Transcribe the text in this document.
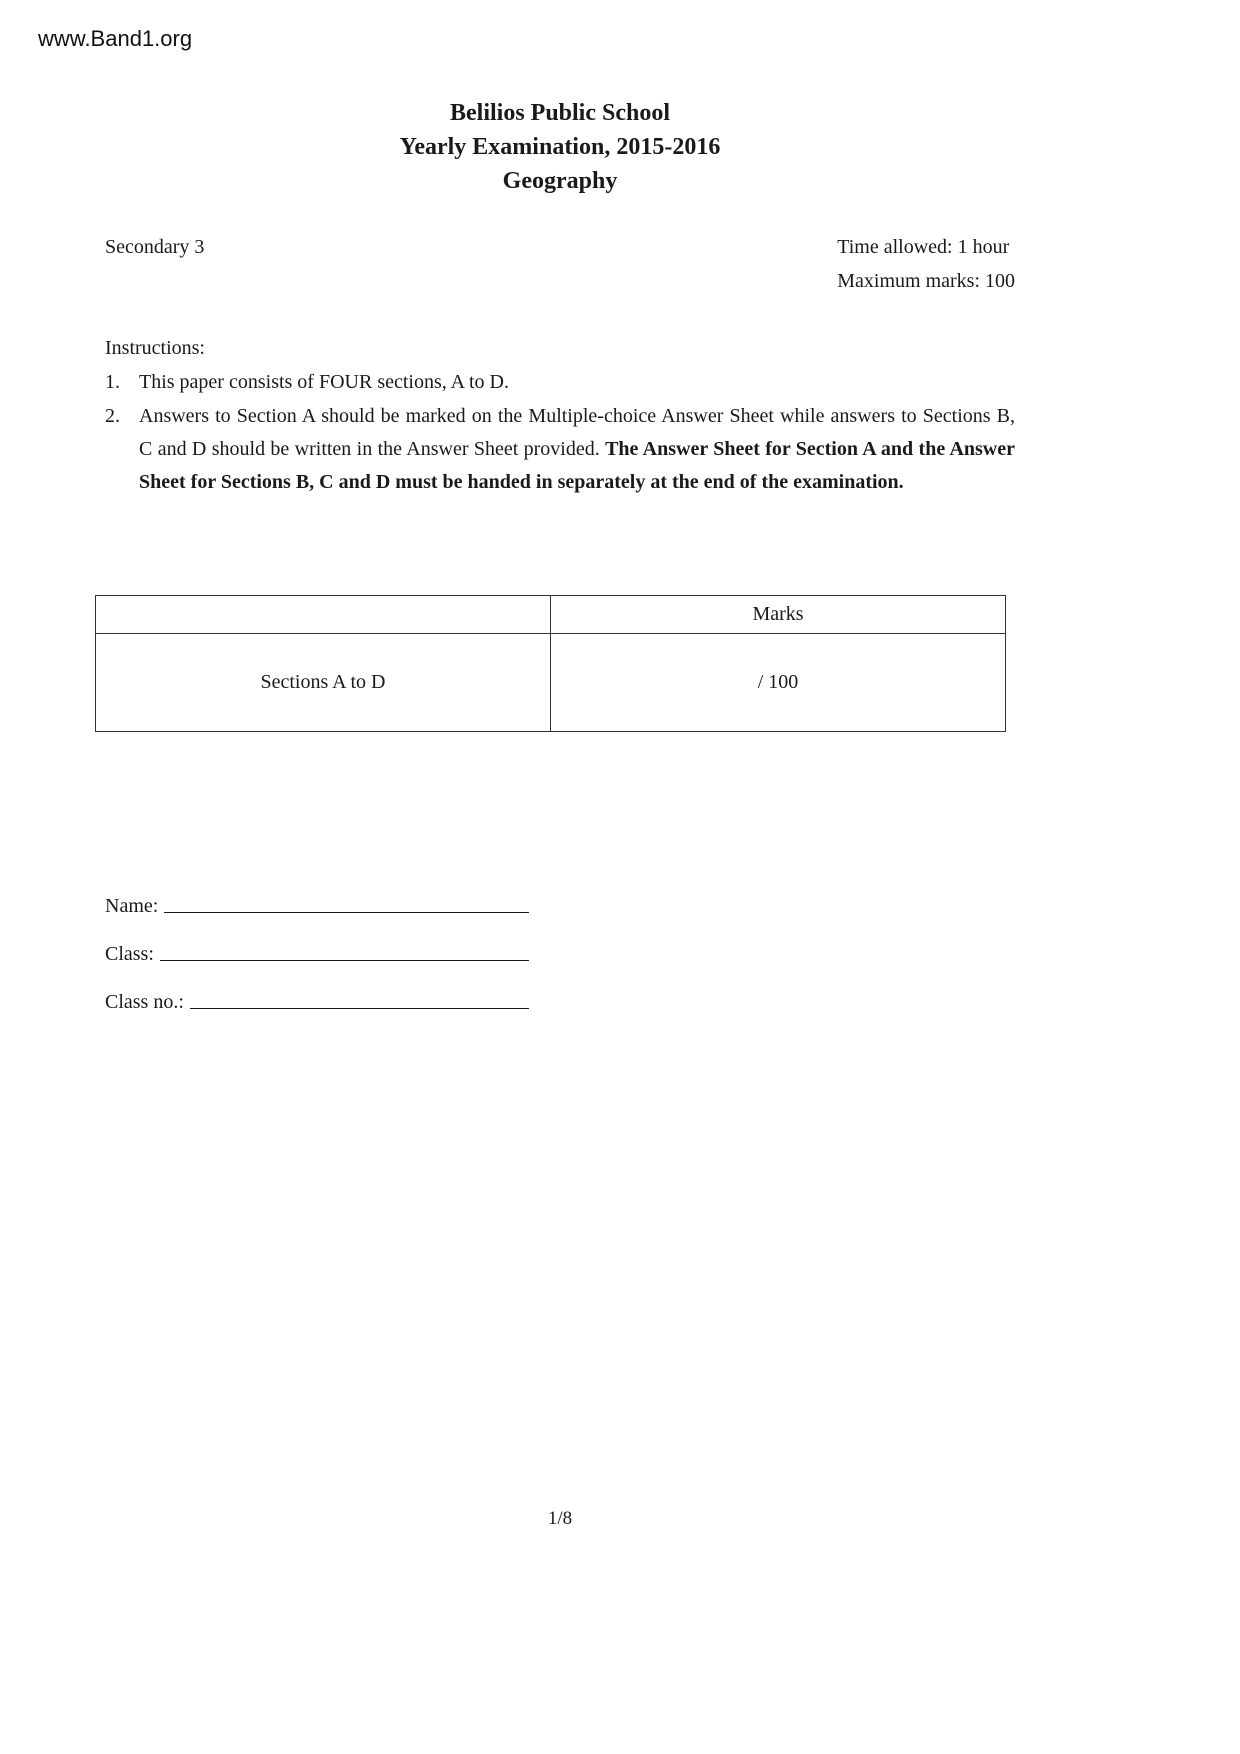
www.Band1.org
Belilios Public School
Yearly Examination, 2015-2016
Geography
Secondary 3	Time allowed: 1 hour
Maximum marks: 100
Instructions:
1. This paper consists of FOUR sections, A to D.
2. Answers to Section A should be marked on the Multiple-choice Answer Sheet while answers to Sections B, C and D should be written in the Answer Sheet provided. The Answer Sheet for Section A and the Answer Sheet for Sections B, C and D must be handed in separately at the end of the examination.
	Marks
Sections A to D	/ 100
Name:
Class:
Class no.:
1/8
